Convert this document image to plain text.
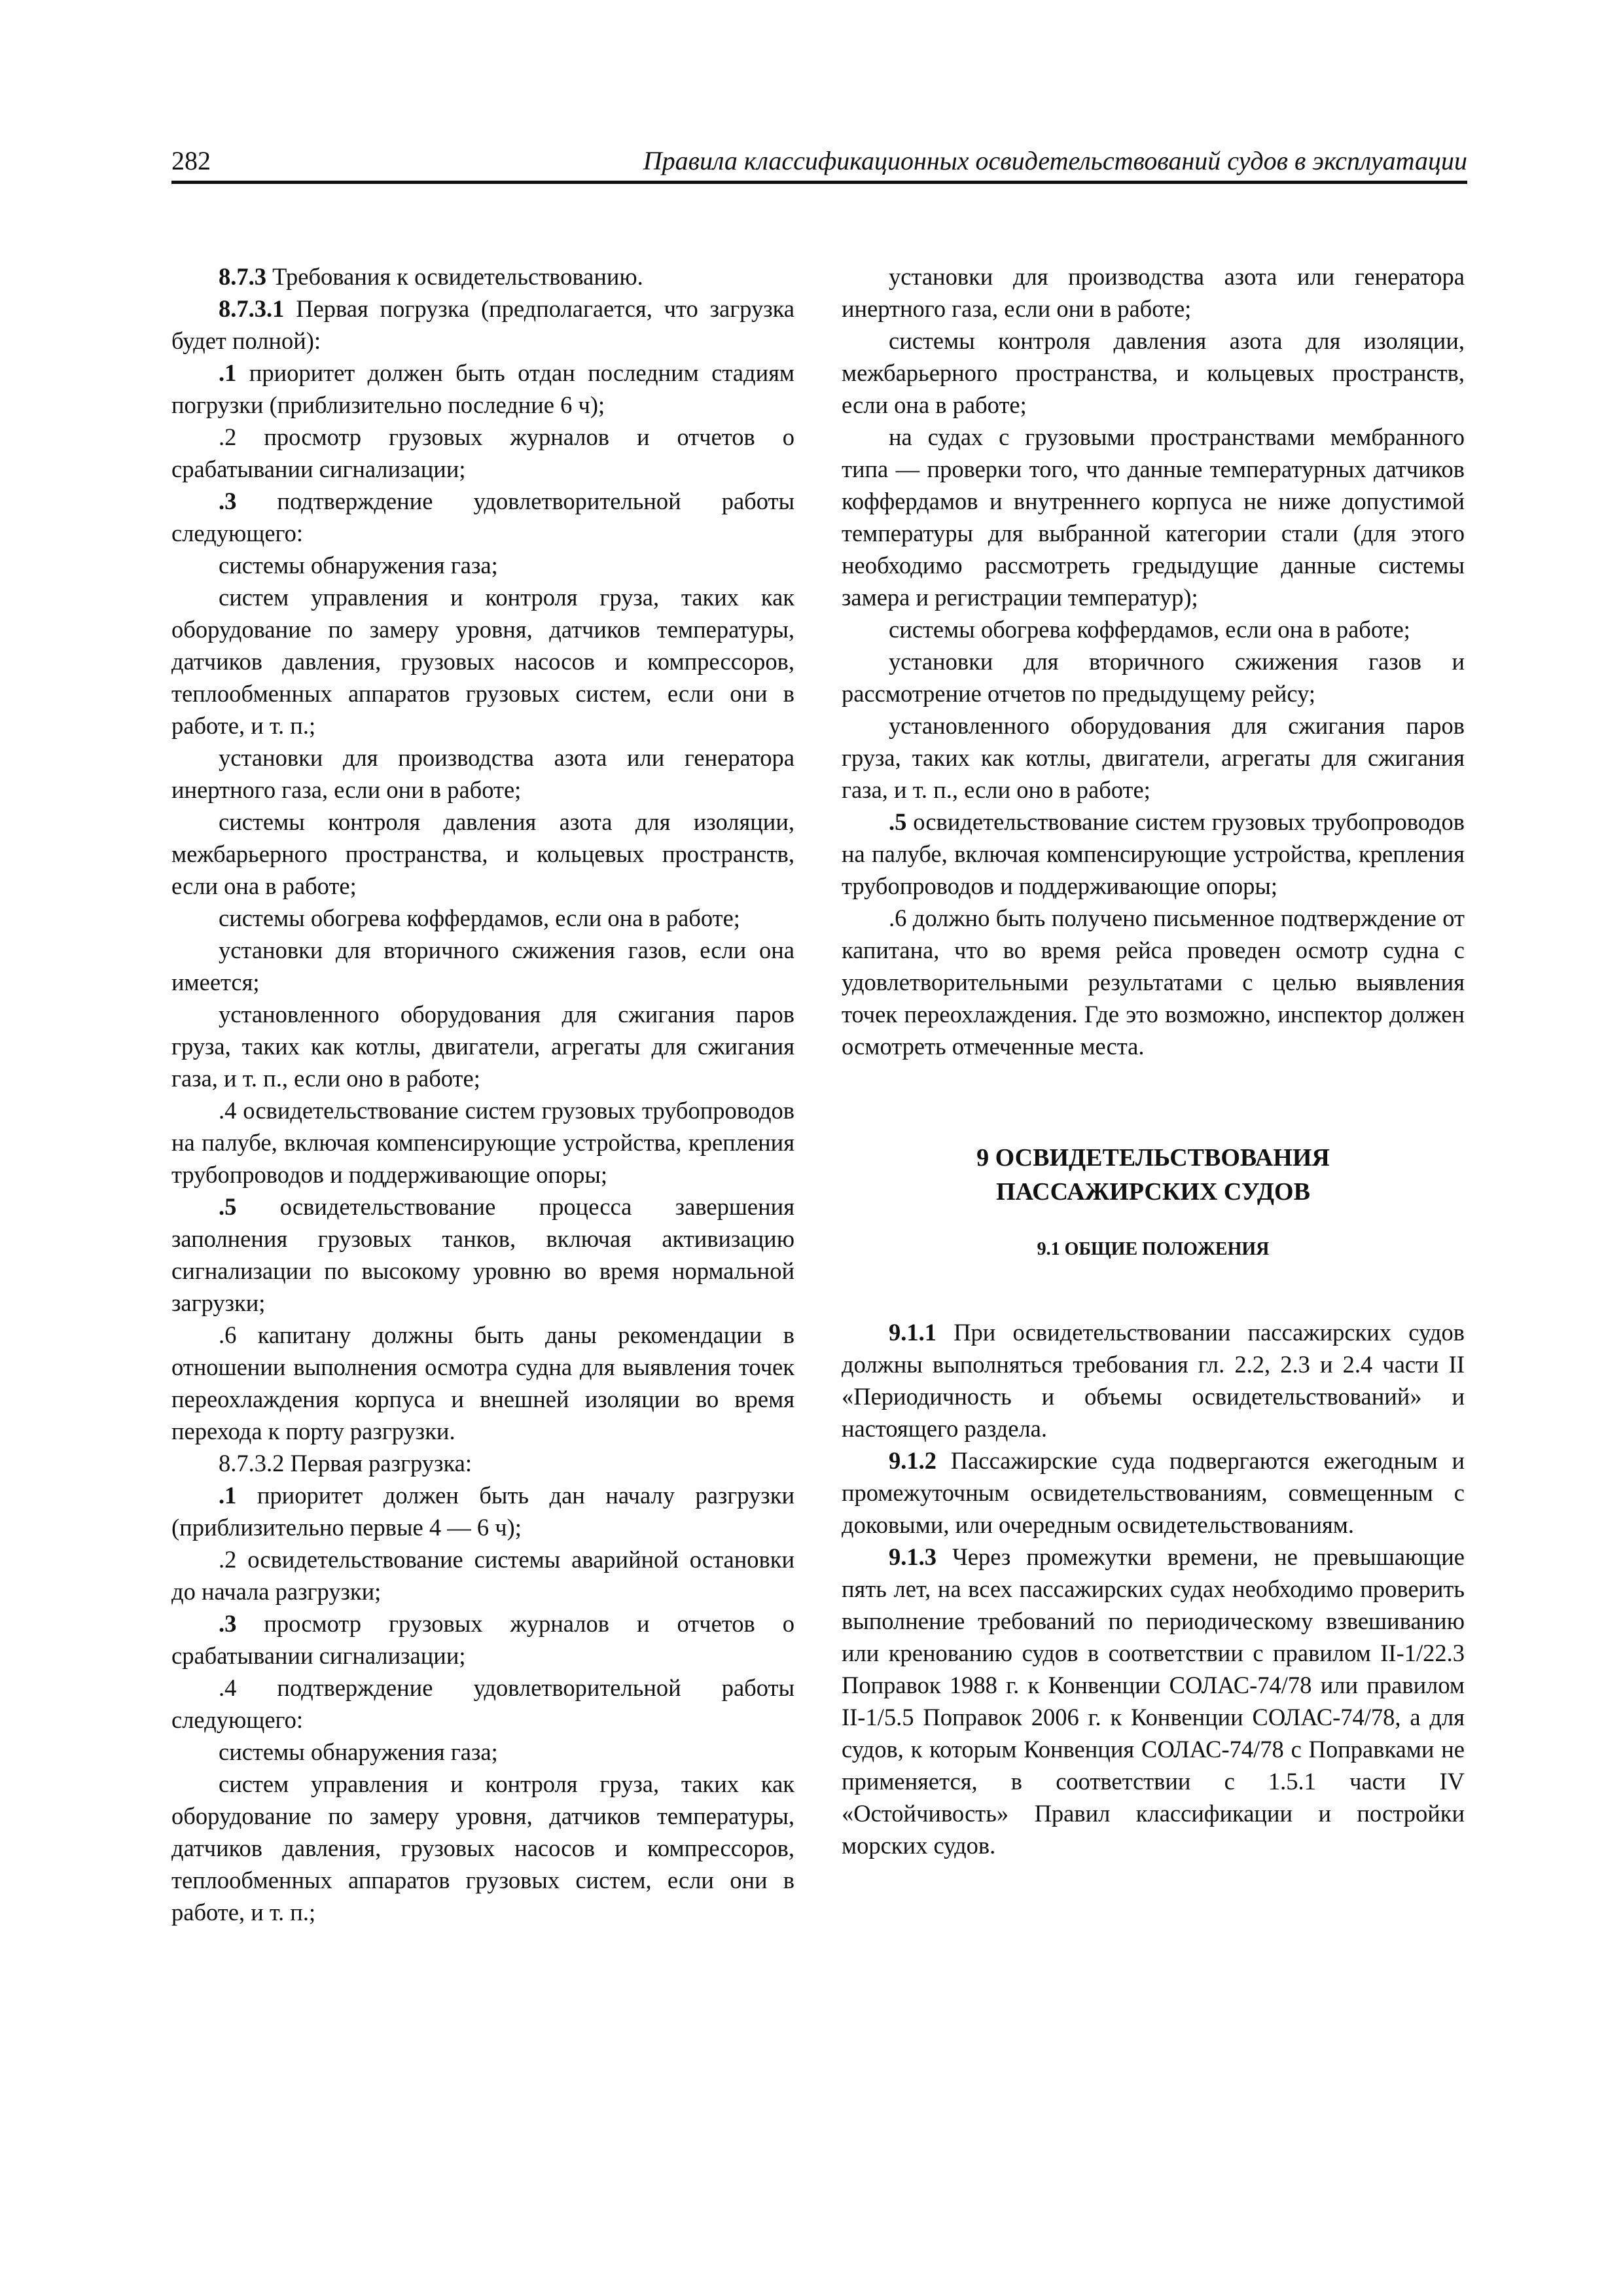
282	Правила классификационных освидетельствований судов в эксплуатации

8.7.3 Требования к освидетельствованию.

8.7.3.1 Первая погрузка (предполагается, что загрузка будет полной):

.1 приоритет должен быть отдан последним стадиям погрузки (приблизительно последние 6 ч);

.2 просмотр грузовых журналов и отчетов о срабатывании сигнализации;

.3 подтверждение удовлетворительной работы следующего:

системы обнаружения газа;

систем управления и контроля груза, таких как оборудование по замеру уровня, датчиков температуры, датчиков давления, грузовых насосов и компрессоров, теплообменных аппаратов грузовых систем, если они в работе, и т. п.;

установки для производства азота или генератора инертного газа, если они в работе;

системы контроля давления азота для изоляции, межбарьерного пространства, и кольцевых пространств, если она в работе;

системы обогрева коффердамов, если она в работе;

установки для вторичного сжижения газов, если она имеется;

установленного оборудования для сжигания паров груза, таких как котлы, двигатели, агрегаты для сжигания газа, и т. п., если оно в работе;

.4 освидетельствование систем грузовых трубопроводов на палубе, включая компенсирующие устройства, крепления трубопроводов и поддерживающие опоры;

.5 освидетельствование процесса завершения заполнения грузовых танков, включая активизацию сигнализации по высокому уровню во время нормальной загрузки;

.6 капитану должны быть даны рекомендации в отношении выполнения осмотра судна для выявления точек переохлаждения корпуса и внешней изоляции во время перехода к порту разгрузки.

8.7.3.2 Первая разгрузка:

.1 приоритет должен быть дан началу разгрузки (приблизительно первые 4 — 6 ч);

.2 освидетельствование системы аварийной остановки до начала разгрузки;

.3 просмотр грузовых журналов и отчетов о срабатывании сигнализации;

.4 подтверждение удовлетворительной работы следующего:

системы обнаружения газа;

систем управления и контроля груза, таких как оборудование по замеру уровня, датчиков температуры, датчиков давления, грузовых насосов и компрессоров, теплообменных аппаратов грузовых систем, если они в работе, и т. п.;

установки для производства азота или генератора инертного газа, если они в работе;

системы контроля давления азота для изоляции, межбарьерного пространства, и кольцевых пространств, если она в работе;

на судах с грузовыми пространствами мембранного типа — проверки того, что данные температурных датчиков коффердамов и внутреннего корпуса не ниже допустимой температуры для выбранной категории стали (для этого необходимо рассмотреть гредыдущие данные системы замера и регистрации температур);

системы обогрева коффердамов, если она в работе;

установки для вторичного сжижения газов и рассмотрение отчетов по предыдущему рейсу;

установленного оборудования для сжигания паров груза, таких как котлы, двигатели, агрегаты для сжигания газа, и т. п., если оно в работе;

.5 освидетельствование систем грузовых трубопроводов на палубе, включая компенсирующие устройства, крепления трубопроводов и поддерживающие опоры;

.6 должно быть получено письменное подтверждение от капитана, что во время рейса проведен осмотр судна с удовлетворительными результатами с целью выявления точек переохлаждения. Где это возможно, инспектор должен осмотреть отмеченные места.

9 ОСВИДЕТЕЛЬСТВОВАНИЯ
ПАССАЖИРСКИХ СУДОВ
9.1 ОБЩИЕ ПОЛОЖЕНИЯ

9.1.1 При освидетельствовании пассажирских судов должны выполняться требования гл. 2.2, 2.3 и 2.4 части II «Периодичность и объемы освидетельствований» и настоящего раздела.

9.1.2 Пассажирские суда подвергаются ежегодным и промежуточным освидетельствованиям, совмещенным с доковыми, или очередным освидетельствованиям.

9.1.3 Через промежутки времени, не превышающие пять лет, на всех пассажирских судах необходимо проверить выполнение требований по периодическому взвешиванию или кренованию судов в соответствии с правилом II-1/22.3 Поправок 1988 г. к Конвенции СОЛАС-74/78 или правилом II-1/5.5 Поправок 2006 г. к Конвенции СОЛАС-74/78, а для судов, к которым Конвенция СОЛАС-74/78 с Поправками не применяется, в соответствии с 1.5.1 части IV «Остойчивость» Правил классификации и постройки морских судов.
